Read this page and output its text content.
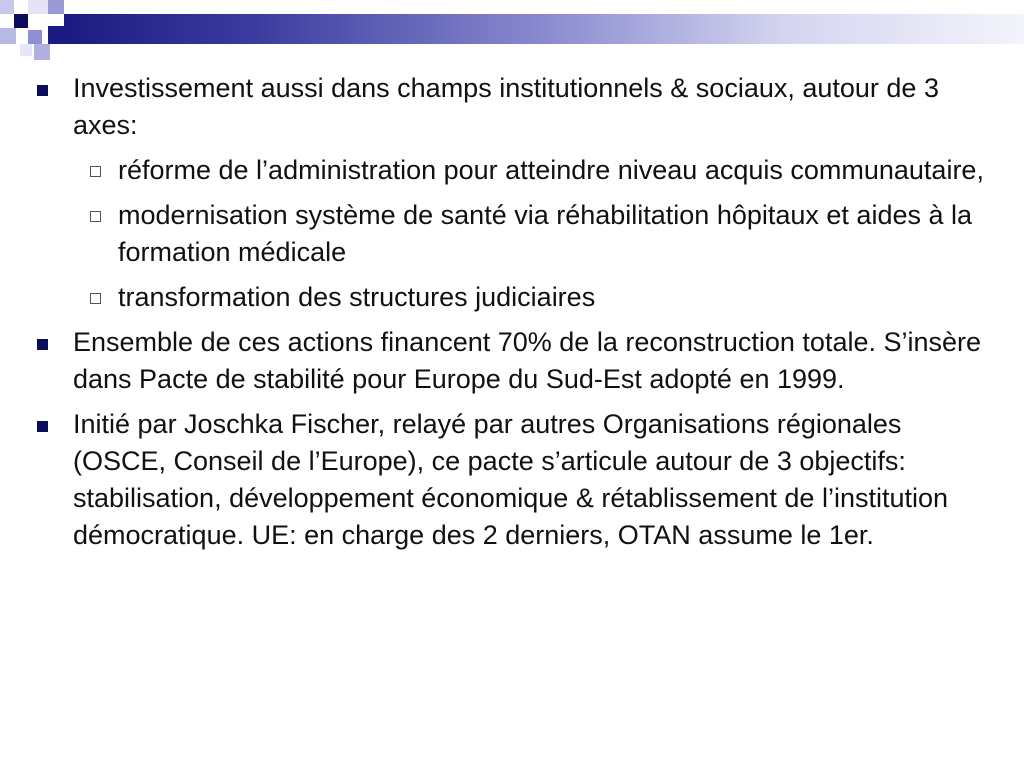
Investissement aussi dans champs institutionnels & sociaux, autour de 3 axes:
réforme de l’administration pour atteindre niveau acquis communautaire,
modernisation système de santé via réhabilitation hôpitaux et aides à la formation médicale
transformation des structures judiciaires
Ensemble de ces actions financent 70% de la reconstruction totale. S’insère dans Pacte de stabilité pour Europe du Sud-Est adopté en 1999.
Initié par Joschka Fischer, relayé par autres Organisations régionales (OSCE, Conseil de l’Europe), ce pacte s’articule autour de 3 objectifs: stabilisation, développement économique & rétablissement de l’institution démocratique. UE: en charge des 2 derniers, OTAN assume le 1er.
